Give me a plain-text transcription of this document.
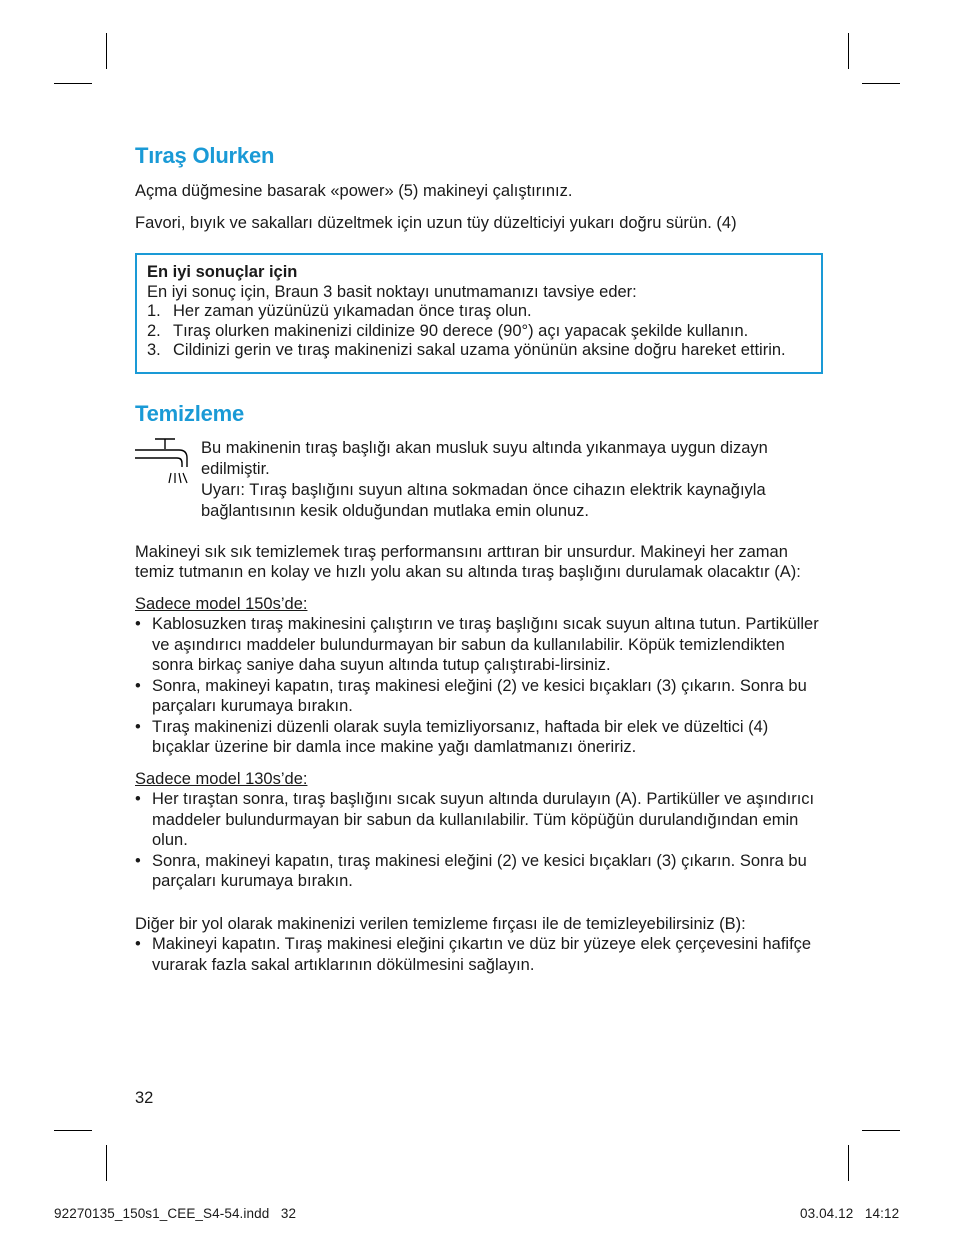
Tıraş Olurken

Açma düğmesine basarak «power» (5) makineyi çalıştırınız.

Favori, bıyık ve sakalları düzeltmek için uzun tüy düzelticiyi yukarı doğru sürün. (4)

En iyi sonuçlar için

En iyi sonuç için, Braun 3 basit noktayı unutmamanızı tavsiye eder:

1. Her zaman yüzünüzü yıkamadan önce tıraş olun.
2. Tıraş olurken makinenizi cildinize 90 derece (90°) açı yapacak şekilde kullanın.
3. Cildinizi gerin ve tıraş makinenizi sakal uzama yönünün aksine doğru hareket ettirin.
Temizleme

Bu makinenin tıraş başlığı akan musluk suyu altında yıkanmaya uygun dizayn edilmiştir.

Uyarı: Tıraş başlığını suyun altına sokmadan önce cihazın elektrik kaynağıyla bağlantısının kesik olduğundan mutlaka emin olunuz.

Makineyi sık sık temizlemek tıraş performansını arttıran bir unsurdur. Makineyi her zaman temiz tutmanın en kolay ve hızlı yolu akan su altında tıraş başlığını durulamak olacaktır (A):

Sadece model 150s’de:

• Kablosuzken tıraş makinesini çalıştırın ve tıraş başlığını sıcak suyun altına tutun. Partiküller ve aşındırıcı maddeler bulundurmayan bir sabun da kullanılabilir. Köpük temizlendikten sonra birkaç saniye daha suyun altında tutup çalıştırabi-lirsiniz.
• Sonra, makineyi kapatın, tıraş makinesi eleğini (2) ve kesici bıçakları (3) çıkarın. Sonra bu parçaları kurumaya bırakın.
• Tıraş makinenizi düzenli olarak suyla temizliyorsanız, haftada bir elek ve düzeltici (4) bıçaklar üzerine bir damla ince makine yağı damlatmanızı öneririz.

Sadece model 130s’de:

• Her tıraştan sonra, tıraş başlığını sıcak suyun altında durulayın (A). Partiküller ve aşındırıcı maddeler bulundurmayan bir sabun da kullanılabilir. Tüm köpüğün durulandığından emin olun.
• Sonra, makineyi kapatın, tıraş makinesi eleğini (2) ve kesici bıçakları (3) çıkarın. Sonra bu parçaları kurumaya bırakın.

Diğer bir yol olarak makinenizi verilen temizleme fırçası ile de temizleyebilirsiniz (B):

• Makineyi kapatın. Tıraş makinesi eleğini çıkartın ve düz bir yüzeye elek çerçevesini hafifçe vurarak fazla sakal artıklarının dökülmesini sağlayın.
32
92270135_150s1_CEE_S4-54.indd   32	03.04.12   14:12
